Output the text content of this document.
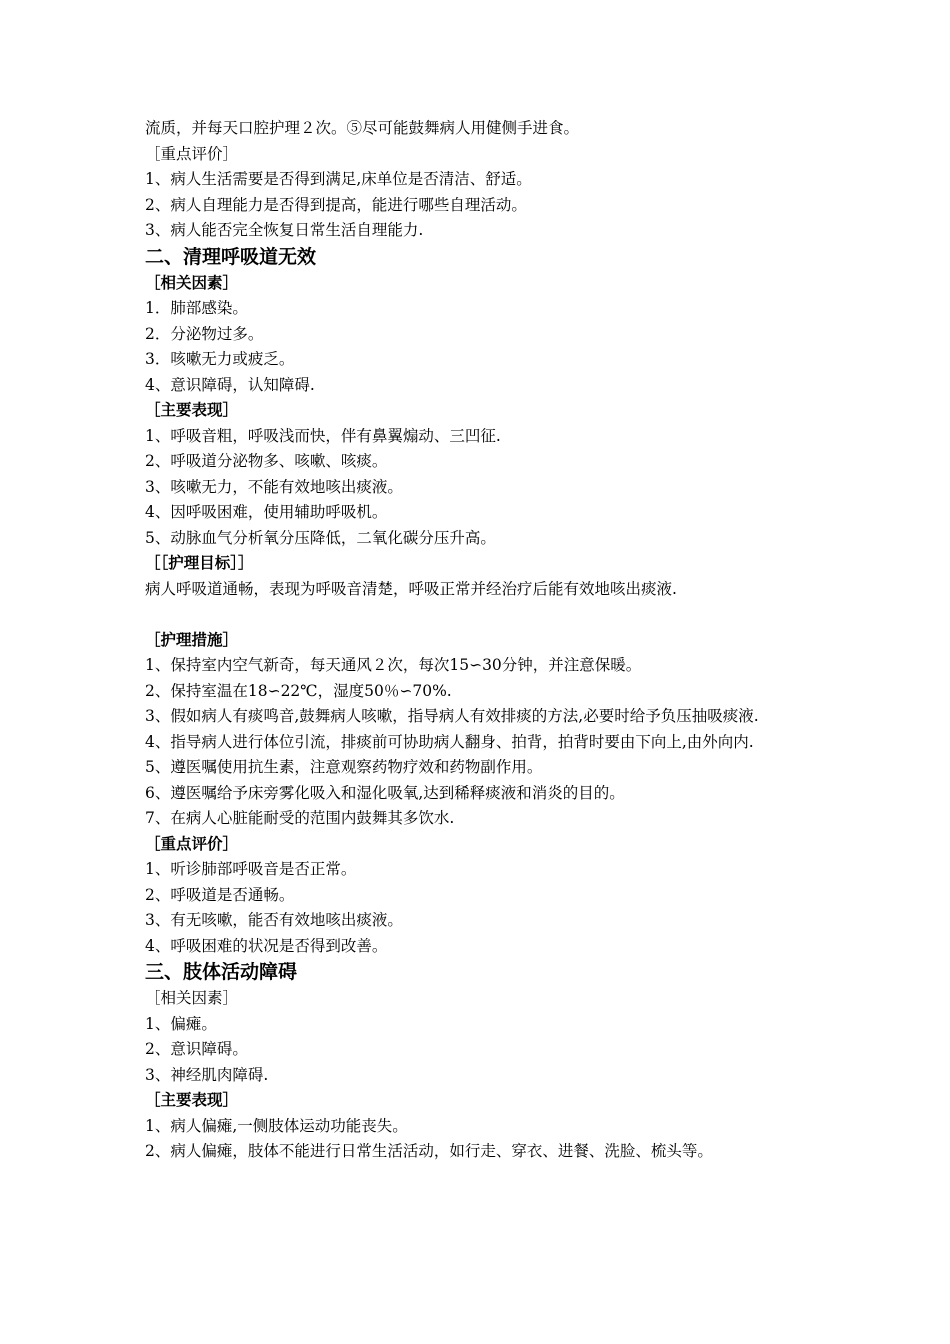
流质，并每天口腔护理２次。⑤尽可能鼓舞病人用健侧手进食。
［重点评价］
1、病人生活需要是否得到满足,床单位是否清洁、舒适。
2、病人自理能力是否得到提高，能进行哪些自理活动。
3、病人能否完全恢复日常生活自理能力.
二、清理呼吸道无效
［相关因素］
1．肺部感染。
2．分泌物过多。
3．咳嗽无力或疲乏。
4、意识障碍，认知障碍.
［主要表现］
1、呼吸音粗，呼吸浅而快，伴有鼻翼煽动、三凹征.
2、呼吸道分泌物多、咳嗽、咳痰。
3、咳嗽无力，不能有效地咳出痰液。
4、因呼吸困难，使用辅助呼吸机。
5、动脉血气分析氧分压降低，二氧化碳分压升高。
［［护理目标］］
病人呼吸道通畅，表现为呼吸音清楚，呼吸正常并经治疗后能有效地咳出痰液.
［护理措施］
1、保持室内空气新奇，每天通风２次，每次15∽30分钟，并注意保暖。
2、保持室温在18∽22℃，湿度50％∽70%.
3、假如病人有痰鸣音,鼓舞病人咳嗽，指导病人有效排痰的方法,必要时给予负压抽吸痰液.
4、指导病人进行体位引流，排痰前可协助病人翻身、拍背，拍背时要由下向上,由外向内.
5、遵医嘱使用抗生素，注意观察药物疗效和药物副作用。
6、遵医嘱给予床旁雾化吸入和湿化吸氧,达到稀释痰液和消炎的目的。
7、在病人心脏能耐受的范围内鼓舞其多饮水.
［重点评价］
1、听诊肺部呼吸音是否正常。
2、呼吸道是否通畅。
3、有无咳嗽，能否有效地咳出痰液。
4、呼吸困难的状况是否得到改善。
三、肢体活动障碍
［相关因素］
1、偏瘫。
2、意识障碍。
3、神经肌肉障碍.
［主要表现］
1、病人偏瘫,一侧肢体运动功能丧失。
2、病人偏瘫，肢体不能进行日常生活活动，如行走、穿衣、进餐、洗脸、梳头等。
